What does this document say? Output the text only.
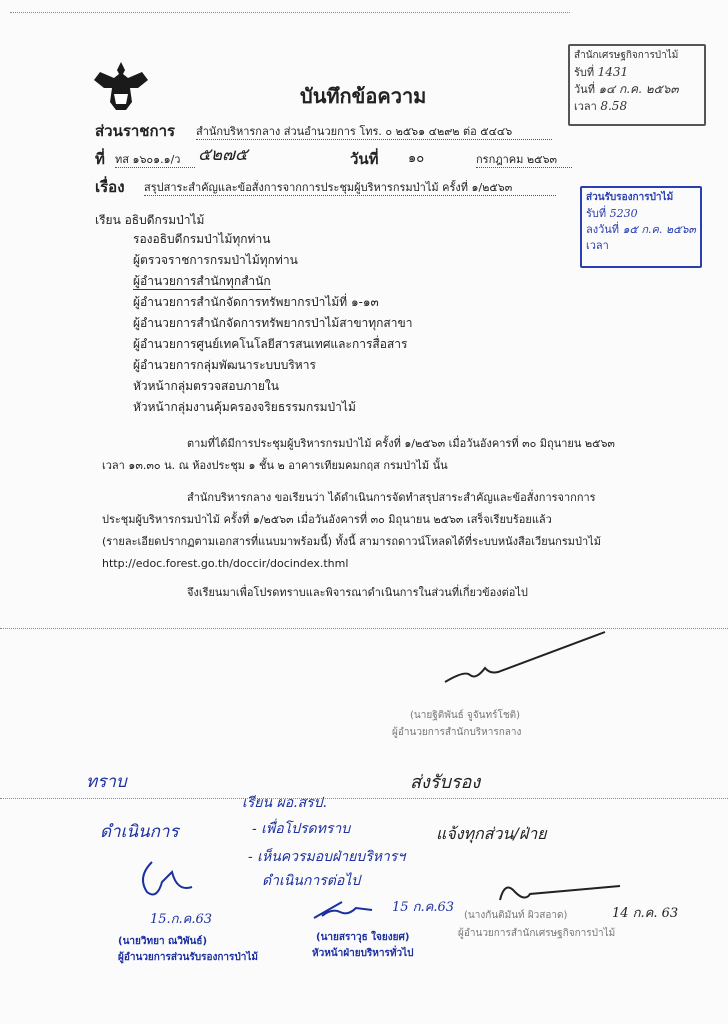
บันทึกข้อความ
ส่วนราชการ สำนักบริหารกลาง ส่วนอำนวยการ โทร. ๐ ๒๕๖๑ ๔๒๙๒ ต่อ ๕๔๔๖
ที่ ทส ๑๖๐๑.๑/ว	๕๒๗๕	วันที่ ๑๐	กรกฎาคม ๒๕๖๓
เรื่อง สรุปสาระสำคัญและข้อสั่งการจากการประชุมผู้บริหารกรมป่าไม้ ครั้งที่ ๑/๒๕๖๓
เรียน อธิบดีกรมป่าไม้
รองอธิบดีกรมป่าไม้ทุกท่าน
ผู้ตรวจราชการกรมป่าไม้ทุกท่าน
ผู้อำนวยการสำนักทุกสำนัก
ผู้อำนวยการสำนักจัดการทรัพยากรป่าไม้ที่ ๑-๑๓
ผู้อำนวยการสำนักจัดการทรัพยากรป่าไม้สาขาทุกสาขา
ผู้อำนวยการศูนย์เทคโนโลยีสารสนเทศและการสื่อสาร
ผู้อำนวยการกลุ่มพัฒนาระบบบริหาร
หัวหน้ากลุ่มตรวจสอบภายใน
หัวหน้ากลุ่มงานคุ้มครองจริยธรรมกรมป่าไม้
ตามที่ได้มีการประชุมผู้บริหารกรมป่าไม้ ครั้งที่ ๑/๒๕๖๓ เมื่อวันอังคารที่ ๓๐ มิถุนายน ๒๕๖๓
เวลา ๑๓.๓๐ น. ณ ห้องประชุม ๑ ชั้น ๒ อาคารเทียมคมกฤส กรมป่าไม้ นั้น
สำนักบริหารกลาง ขอเรียนว่า ได้ดำเนินการจัดทำสรุปสาระสำคัญและข้อสั่งการจากการ
ประชุมผู้บริหารกรมป่าไม้ ครั้งที่ ๑/๒๕๖๓ เมื่อวันอังคารที่ ๓๐ มิถุนายน ๒๕๖๓ เสร็จเรียบร้อยแล้ว
(รายละเอียดปรากฏตามเอกสารที่แนบมาพร้อมนี้) ทั้งนี้ สามารถดาวน์โหลดได้ที่ระบบหนังสือเวียนกรมป่าไม้
http://edoc.forest.go.th/doccir/docindex.thml
จึงเรียนมาเพื่อโปรดทราบและพิจารณาดำเนินการในส่วนที่เกี่ยวข้องต่อไป
(นายฐิติพันธ์ จูจันทร์โชติ)
ผู้อำนวยการสำนักบริหารกลาง
สำนักเศรษฐกิจการป่าไม้
รับที่ 1431
วันที่ ๑๔ ก.ค. ๒๕๖๓
เวลา 8.58
ส่วนรับรองการป่าไม้
รับที่ 5230
ลงวันที่ ๑๕ ก.ค. ๒๕๖๓
เวลา
ทราบ
ดำเนินการ
15.ก.ค.63
(นายวิทยา ณวิพันธ์)
ผู้อำนวยการส่วนรับรองการป่าไม้
เรียน ผอ.สรป.
- เพื่อโปรดทราบ
- เห็นควรมอบฝ่ายบริหารฯ
ดำเนินการต่อไป
15 ก.ค.63
(นายสราวุธ ใจยงยศ)
หัวหน้าฝ่ายบริหารทั่วไป
ส่งรับรอง
แจ้งทุกส่วน/ฝ่าย
(นางกันติมันท์ ผิวสอาด)	14 ก.ค. 63
ผู้อำนวยการสำนักเศรษฐกิจการป่าไม้
